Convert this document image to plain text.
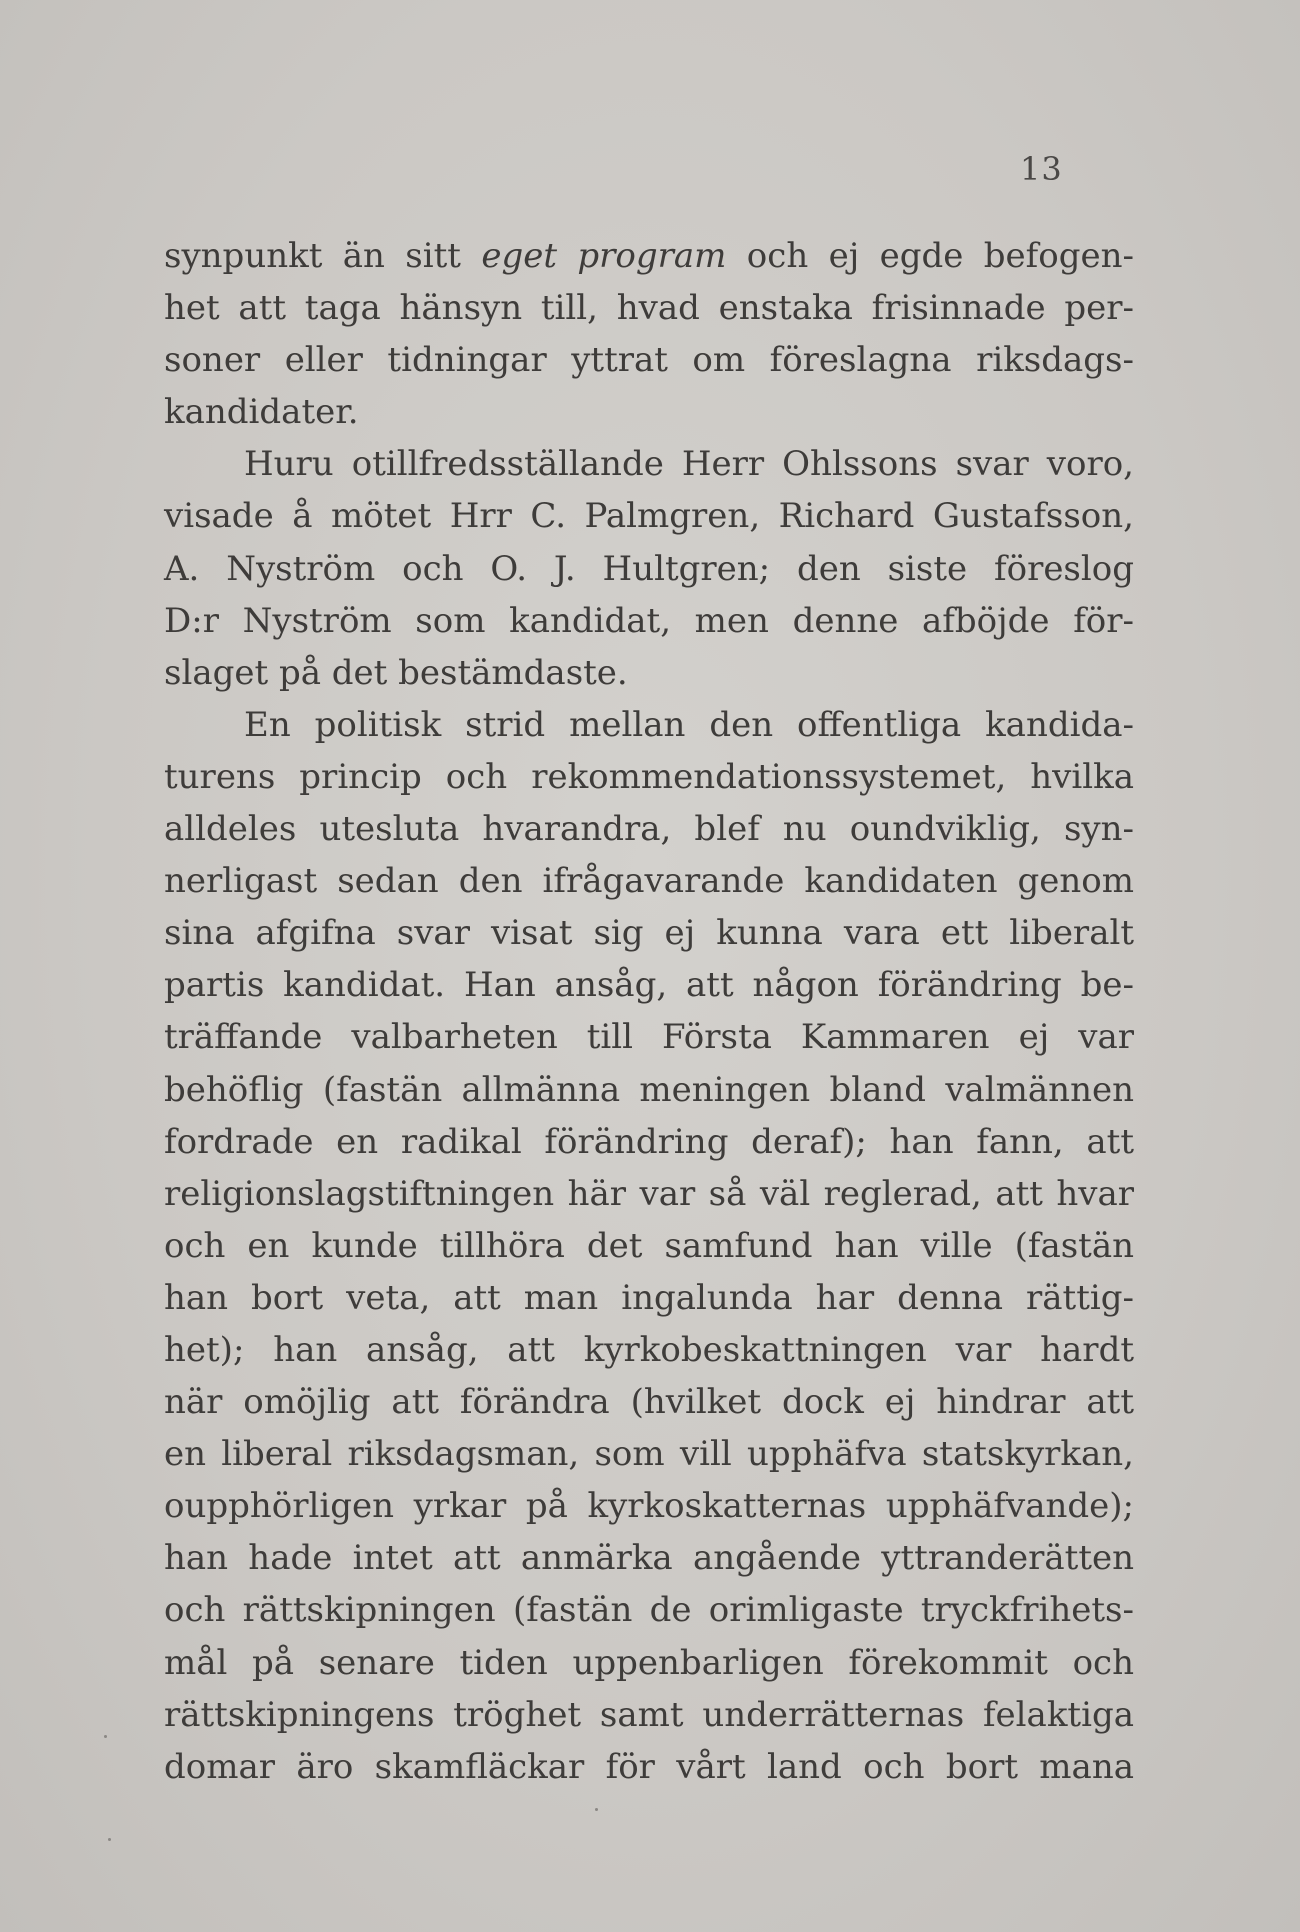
13
synpunkt än sitt eget program och ej egde befogen-
het att taga hänsyn till, hvad enstaka frisinnade per-
soner eller tidningar yttrat om föreslagna riksdags-
kandidater.
Huru otillfredsställande Herr Ohlssons svar voro,
visade å mötet Hrr C. Palmgren, Richard Gustafsson,
A. Nyström och O. J. Hultgren; den siste föreslog
D:r Nyström som kandidat, men denne afböjde för-
slaget på det bestämdaste.
En politisk strid mellan den offentliga kandida-
turens princip och rekommendationssystemet, hvilka
alldeles utesluta hvarandra, blef nu oundviklig, syn-
nerligast sedan den ifrågavarande kandidaten genom
sina afgifna svar visat sig ej kunna vara ett liberalt
partis kandidat. Han ansåg, att någon förändring be-
träffande valbarheten till Första Kammaren ej var
behöflig (fastän allmänna meningen bland valmännen
fordrade en radikal förändring deraf); han fann, att
religionslagstiftningen här var så väl reglerad, att hvar
och en kunde tillhöra det samfund han ville (fastän
han bort veta, att man ingalunda har denna rättig-
het); han ansåg, att kyrkobeskattningen var hardt
när omöjlig att förändra (hvilket dock ej hindrar att
en liberal riksdagsman, som vill upphäfva statskyrkan,
oupphörligen yrkar på kyrkoskatternas upphäfvande);
han hade intet att anmärka angående yttranderätten
och rättskipningen (fastän de orimligaste tryckfrihets-
mål på senare tiden uppenbarligen förekommit och
rättskipningens tröghet samt underrätternas felaktiga
domar äro skamfläckar för vårt land och bort mana
